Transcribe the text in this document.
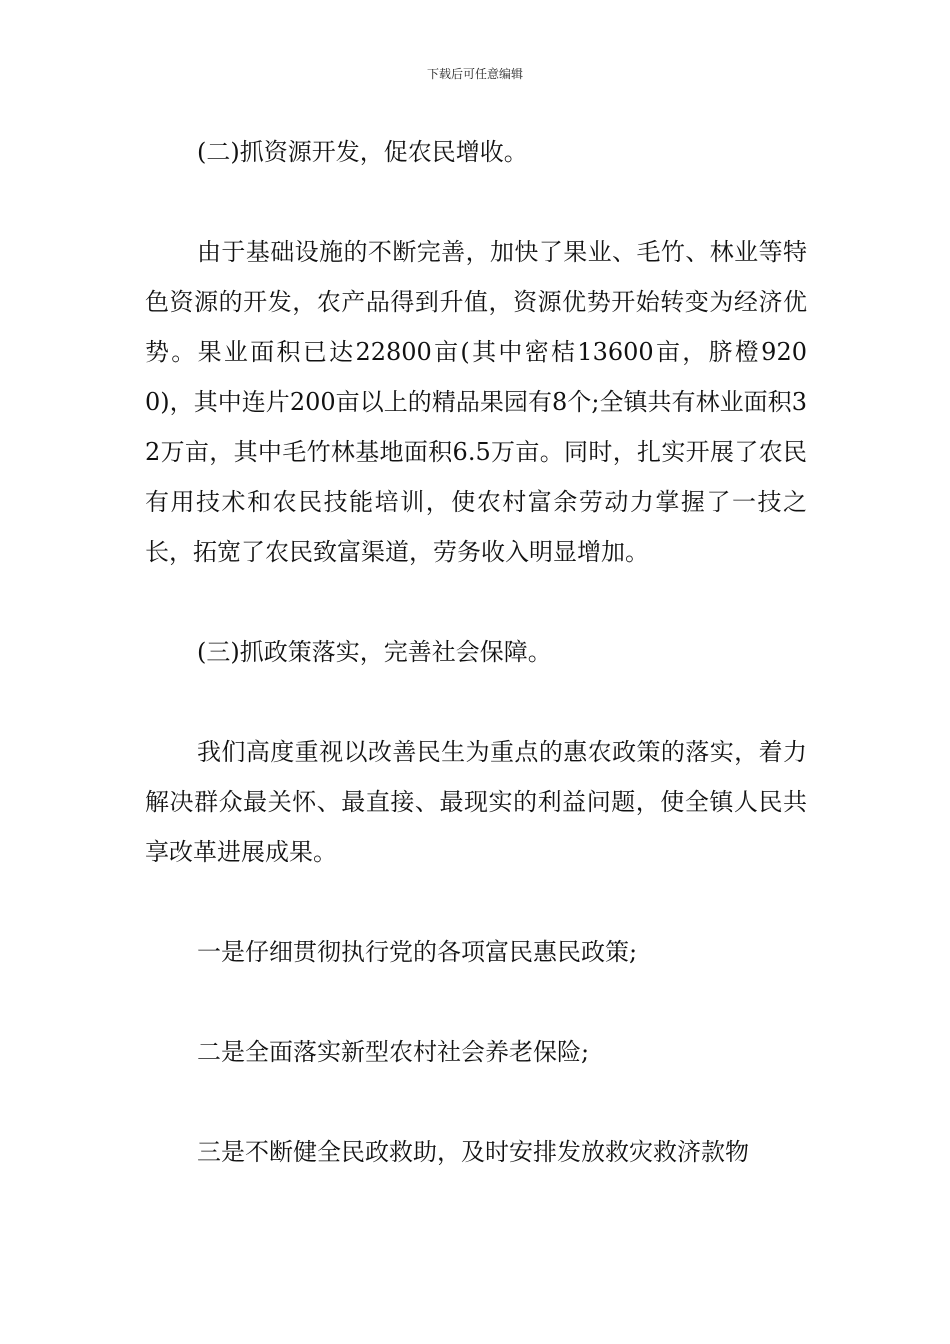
下载后可任意编辑

(二)抓资源开发，促农民增收。

由于基础设施的不断完善，加快了果业、毛竹、林业等特色资源的开发，农产品得到升值，资源优势开始转变为经济优势。果业面积已达22800亩(其中密桔13600亩，脐橙9200)，其中连片200亩以上的精品果园有8个;全镇共有林业面积32万亩，其中毛竹林基地面积6.5万亩。同时，扎实开展了农民有用技术和农民技能培训，使农村富余劳动力掌握了一技之长，拓宽了农民致富渠道，劳务收入明显增加。

(三)抓政策落实，完善社会保障。

我们高度重视以改善民生为重点的惠农政策的落实，着力解决群众最关怀、最直接、最现实的利益问题，使全镇人民共享改革进展成果。

一是仔细贯彻执行党的各项富民惠民政策;

二是全面落实新型农村社会养老保险;

三是不断健全民政救助，及时安排发放救灾救济款物
